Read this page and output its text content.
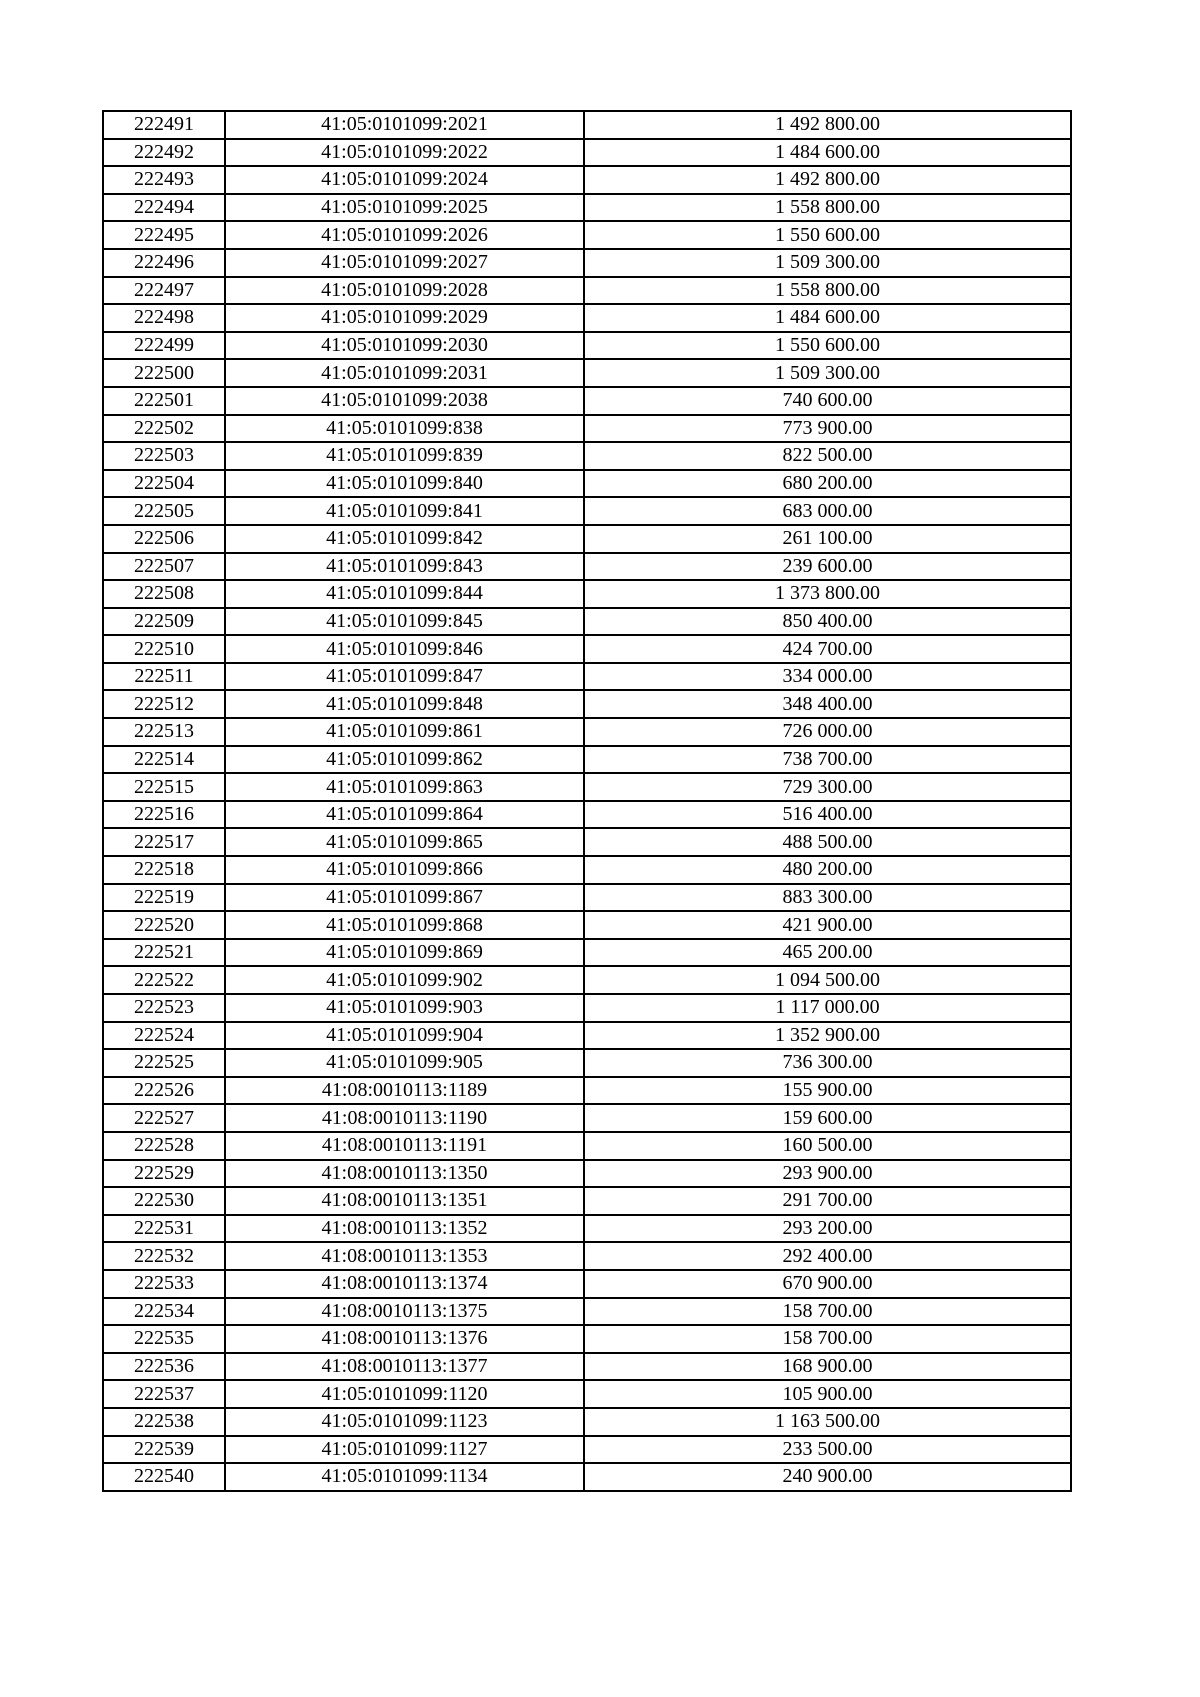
222491	41:05:0101099:2021	1 492 800.00
222492	41:05:0101099:2022	1 484 600.00
222493	41:05:0101099:2024	1 492 800.00
222494	41:05:0101099:2025	1 558 800.00
222495	41:05:0101099:2026	1 550 600.00
222496	41:05:0101099:2027	1 509 300.00
222497	41:05:0101099:2028	1 558 800.00
222498	41:05:0101099:2029	1 484 600.00
222499	41:05:0101099:2030	1 550 600.00
222500	41:05:0101099:2031	1 509 300.00
222501	41:05:0101099:2038	740 600.00
222502	41:05:0101099:838	773 900.00
222503	41:05:0101099:839	822 500.00
222504	41:05:0101099:840	680 200.00
222505	41:05:0101099:841	683 000.00
222506	41:05:0101099:842	261 100.00
222507	41:05:0101099:843	239 600.00
222508	41:05:0101099:844	1 373 800.00
222509	41:05:0101099:845	850 400.00
222510	41:05:0101099:846	424 700.00
222511	41:05:0101099:847	334 000.00
222512	41:05:0101099:848	348 400.00
222513	41:05:0101099:861	726 000.00
222514	41:05:0101099:862	738 700.00
222515	41:05:0101099:863	729 300.00
222516	41:05:0101099:864	516 400.00
222517	41:05:0101099:865	488 500.00
222518	41:05:0101099:866	480 200.00
222519	41:05:0101099:867	883 300.00
222520	41:05:0101099:868	421 900.00
222521	41:05:0101099:869	465 200.00
222522	41:05:0101099:902	1 094 500.00
222523	41:05:0101099:903	1 117 000.00
222524	41:05:0101099:904	1 352 900.00
222525	41:05:0101099:905	736 300.00
222526	41:08:0010113:1189	155 900.00
222527	41:08:0010113:1190	159 600.00
222528	41:08:0010113:1191	160 500.00
222529	41:08:0010113:1350	293 900.00
222530	41:08:0010113:1351	291 700.00
222531	41:08:0010113:1352	293 200.00
222532	41:08:0010113:1353	292 400.00
222533	41:08:0010113:1374	670 900.00
222534	41:08:0010113:1375	158 700.00
222535	41:08:0010113:1376	158 700.00
222536	41:08:0010113:1377	168 900.00
222537	41:05:0101099:1120	105 900.00
222538	41:05:0101099:1123	1 163 500.00
222539	41:05:0101099:1127	233 500.00
222540	41:05:0101099:1134	240 900.00
